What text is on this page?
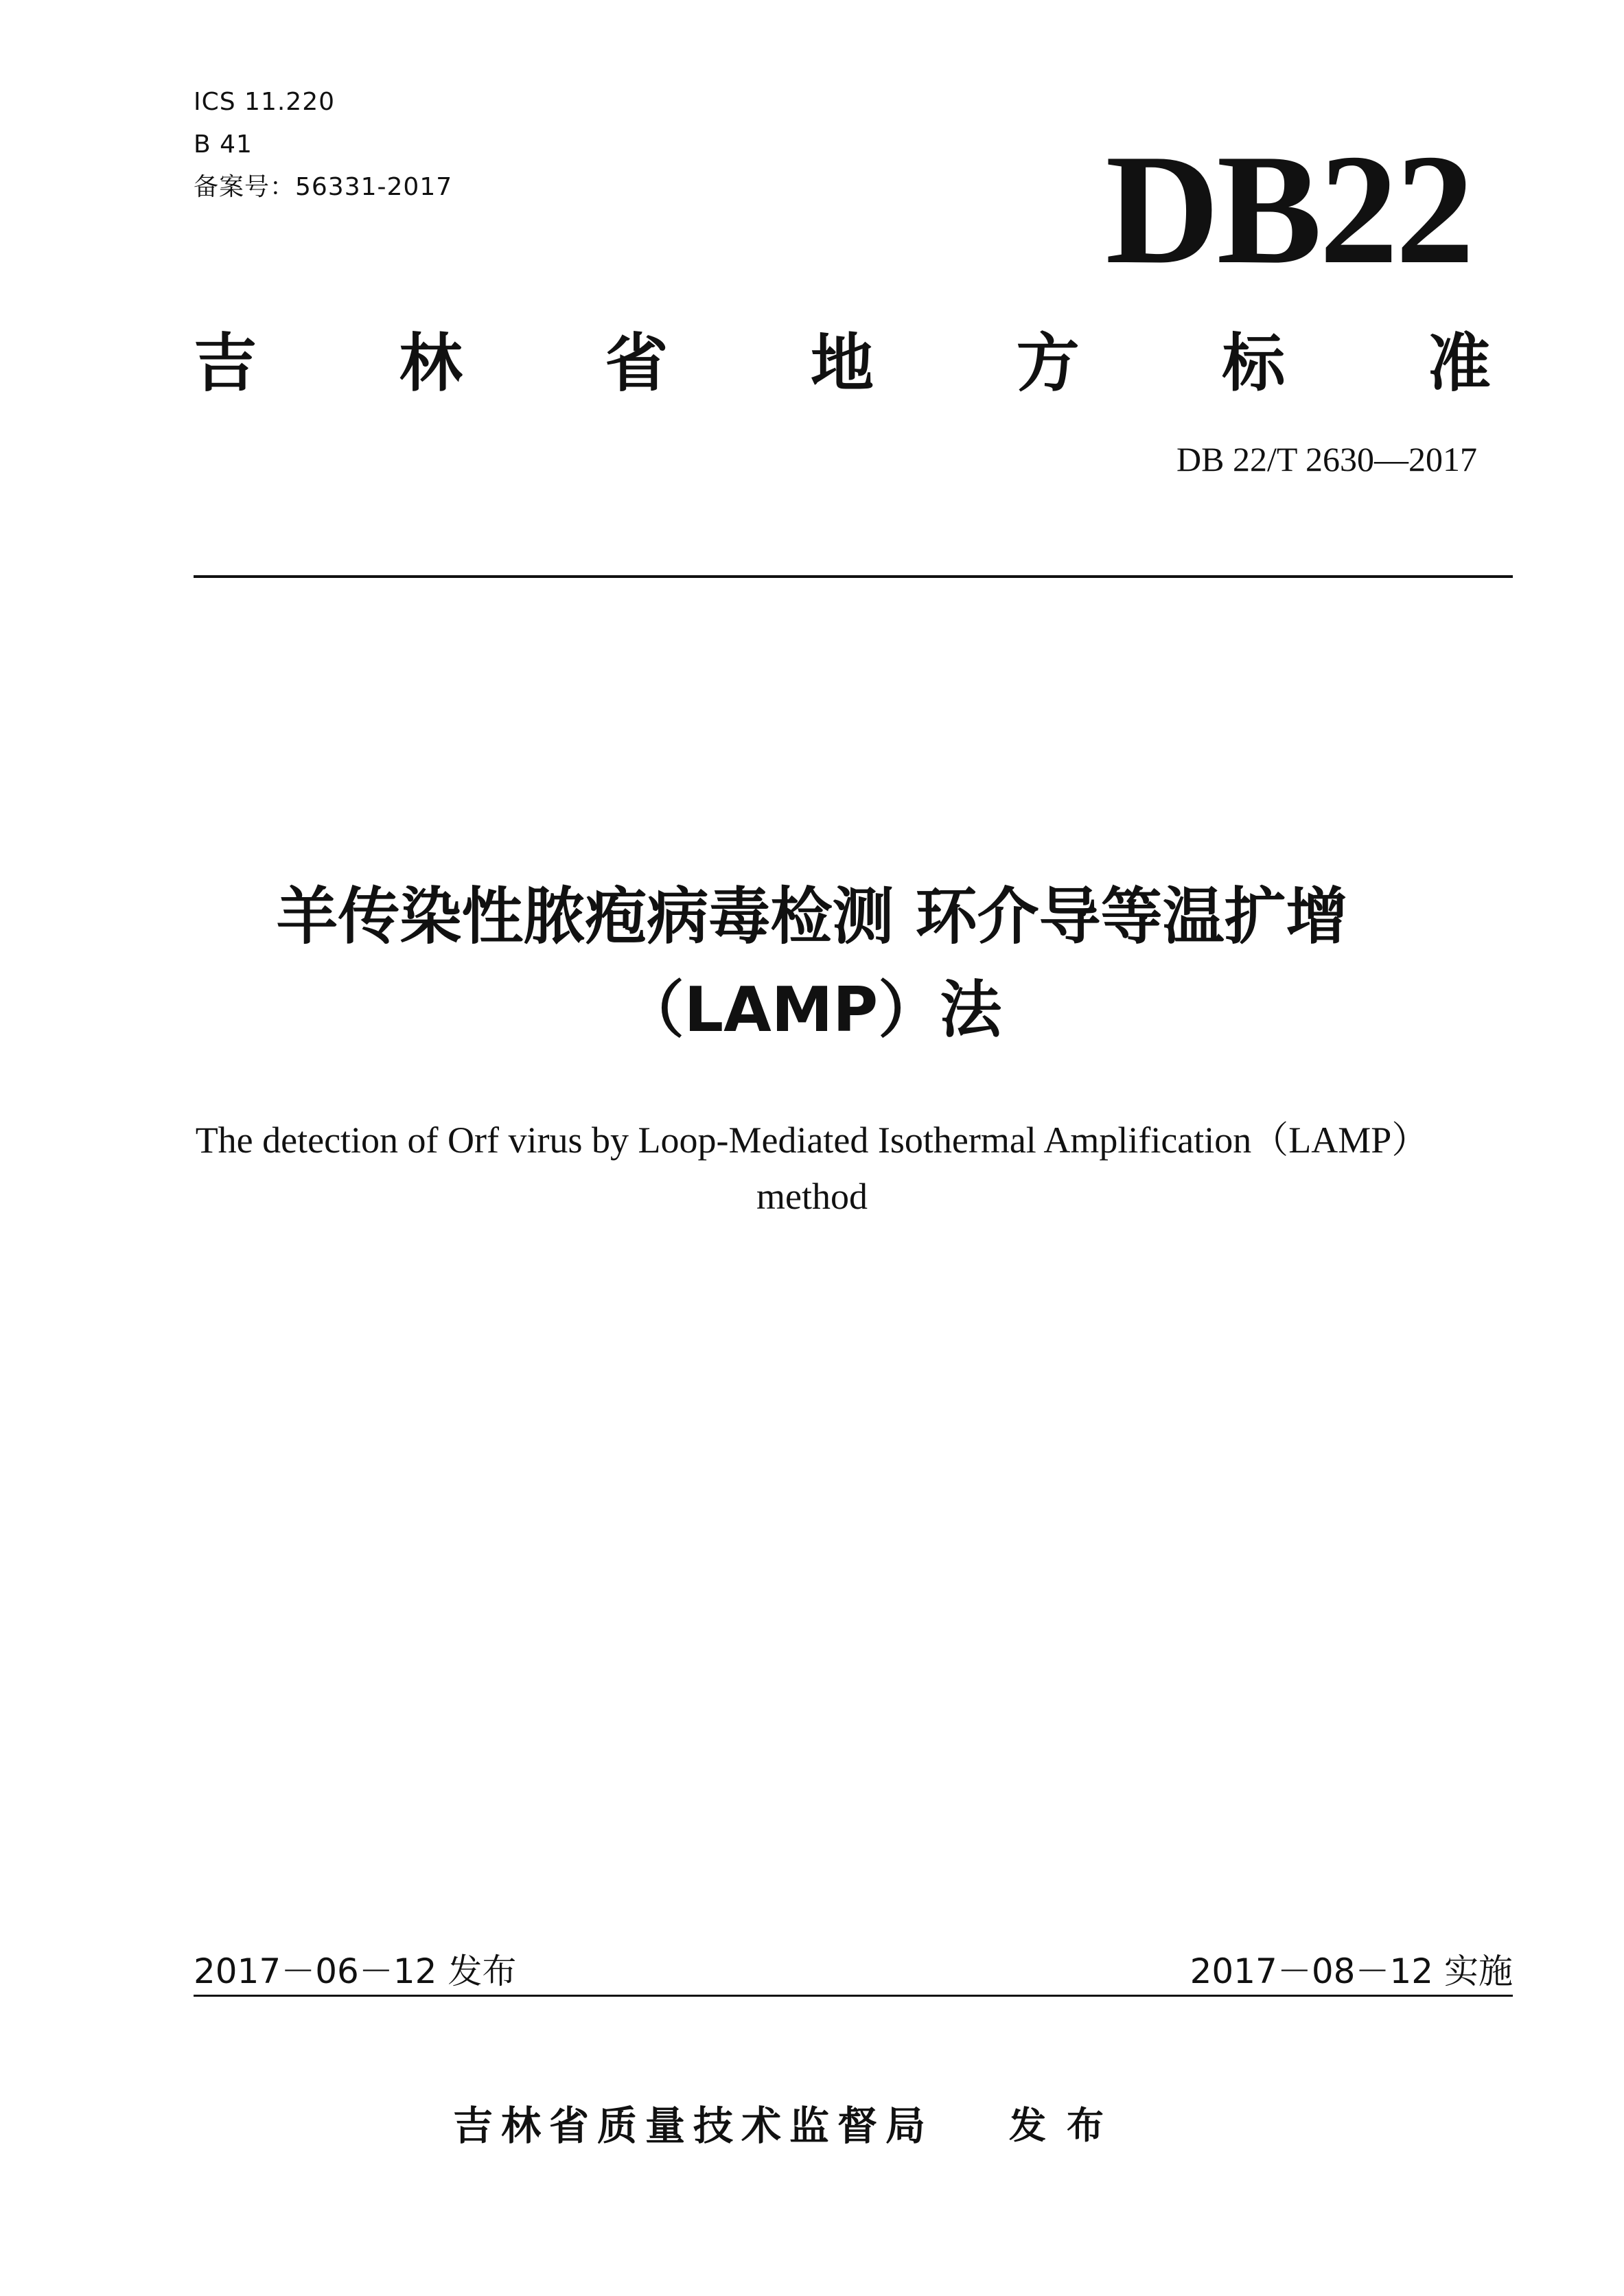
ICS 11.220
B 41
备案号：56331-2017	DB22
吉 林 省 地 方 标 准
DB 22/T 2630—2017
羊传染性脓疱病毒检测 环介导等温扩增
（LAMP）法
The detection of Orf virus by Loop-Mediated Isothermal Amplification（LAMP）
method
2017－06－12 发布	2017－08－12 实施
吉林省质量技术监督局 发布
